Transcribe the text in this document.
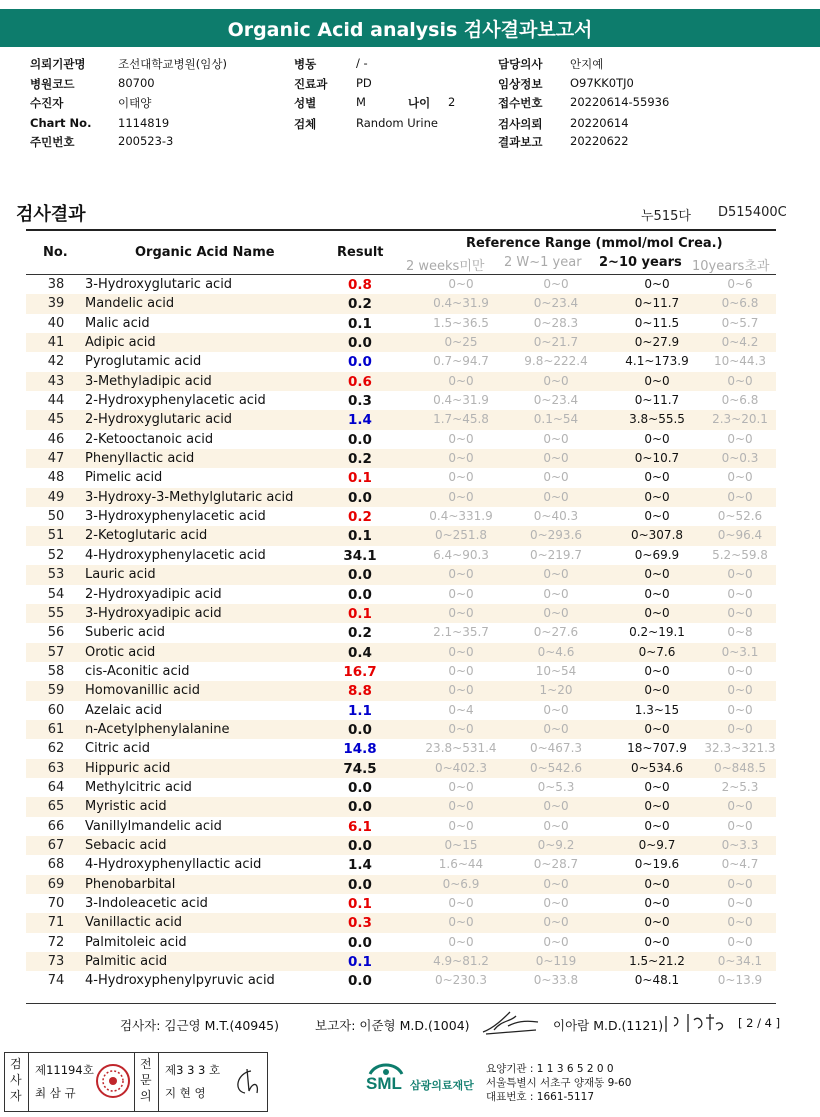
Organic Acid analysis 검사결과보고서
의뢰기관명	조선대학교병원(임상)	병동	/ -	담당의사 안지예
병원코드	80700	진료과 PD	임상정보 O97KK0TJ0
수진자	이태양	성별	M	나이 2	접수번호 20220614-55936
Chart No. 1114819	검체	Random Urine	검사의뢰 20220614
주민번호	200523-3	결과보고 20220622
검사결과	누515다 D515400C
No.	Organic Acid Name	Result
Reference Range (mmol/mol Crea.)
2 weeks미만 2 W~1 year 2~10 years 10years초과
38	3-Hydroxyglutaric acid	0.8	0~0	0~0	0~0	0~6
39	Mandelic acid	0.2	0.4~31.9	0~23.4	0~11.7	0~6.8
40	Malic acid	0.1	1.5~36.5	0~28.3	0~11.5	0~5.7
41	Adipic acid	0.0	0~25	0~21.7	0~27.9	0~4.2
42	Pyroglutamic acid	0.0	0.7~94.7	9.8~222.4	4.1~173.9	10~44.3
43	3-Methyladipic acid	0.6	0~0	0~0	0~0	0~0
44	2-Hydroxyphenylacetic acid	0.3	0.4~31.9	0~23.4	0~11.7	0~6.8
45	2-Hydroxyglutaric acid	1.4	1.7~45.8	0.1~54	3.8~55.5	2.3~20.1
46	2-Ketooctanoic acid	0.0	0~0	0~0	0~0	0~0
47	Phenyllactic acid	0.2	0~0	0~0	0~10.7	0~0.3
48	Pimelic acid	0.1	0~0	0~0	0~0	0~0
49	3-Hydroxy-3-Methylglutaric acid	0.0	0~0	0~0	0~0	0~0
50	3-Hydroxyphenylacetic acid	0.2	0.4~331.9	0~40.3	0~0	0~52.6
51	2-Ketoglutaric acid	0.1	0~251.8	0~293.6	0~307.8	0~96.4
52	4-Hydroxyphenylacetic acid	34.1	6.4~90.3	0~219.7	0~69.9	5.2~59.8
53	Lauric acid	0.0	0~0	0~0	0~0	0~0
54	2-Hydroxyadipic acid	0.0	0~0	0~0	0~0	0~0
55	3-Hydroxyadipic acid	0.1	0~0	0~0	0~0	0~0
56	Suberic acid	0.2	2.1~35.7	0~27.6	0.2~19.1	0~8
57	Orotic acid	0.4	0~0	0~4.6	0~7.6	0~3.1
58	cis-Aconitic acid	16.7	0~0	10~54	0~0	0~0
59	Homovanillic acid	8.8	0~0	1~20	0~0	0~0
60	Azelaic acid	1.1	0~4	0~0	1.3~15	0~0
61	n-Acetylphenylalanine	0.0	0~0	0~0	0~0	0~0
62	Citric acid	14.8	23.8~531.4	0~467.3	18~707.9	32.3~321.3
63	Hippuric acid	74.5	0~402.3	0~542.6	0~534.6	0~848.5
64	Methylcitric acid	0.0	0~0	0~5.3	0~0	2~5.3
65	Myristic acid	0.0	0~0	0~0	0~0	0~0
66	Vanillylmandelic acid	6.1	0~0	0~0	0~0	0~0
67	Sebacic acid	0.0	0~15	0~9.2	0~9.7	0~3.3
68	4-Hydroxyphenyllactic acid	1.4	1.6~44	0~28.7	0~19.6	0~4.7
69	Phenobarbital	0.0	0~6.9	0~0	0~0	0~0
70	3-Indoleacetic acid	0.1	0~0	0~0	0~0	0~0
71	Vanillactic acid	0.3	0~0	0~0	0~0	0~0
72	Palmitoleic acid	0.0	0~0	0~0	0~0	0~0
73	Palmitic acid	0.1	4.9~81.2	0~119	1.5~21.2	0~34.1
74	4-Hydroxyphenylpyruvic acid	0.0	0~230.3	0~33.8	0~48.1	0~13.9
검사자: 김근영 M.T.(40945)	보고자: 이준형 M.D.(1004)	이아람 M.D.(1121)	[ 2 / 4 ]
검사자
제11194호
최 삼 규
전문의
제3 3 3 호
지 현 영	SML 삼광의료재단
요양기관 : 1 1 3 6 5 2 0 0
서울특별시 서초구 양재동 9-60
대표번호 : 1661-5117
